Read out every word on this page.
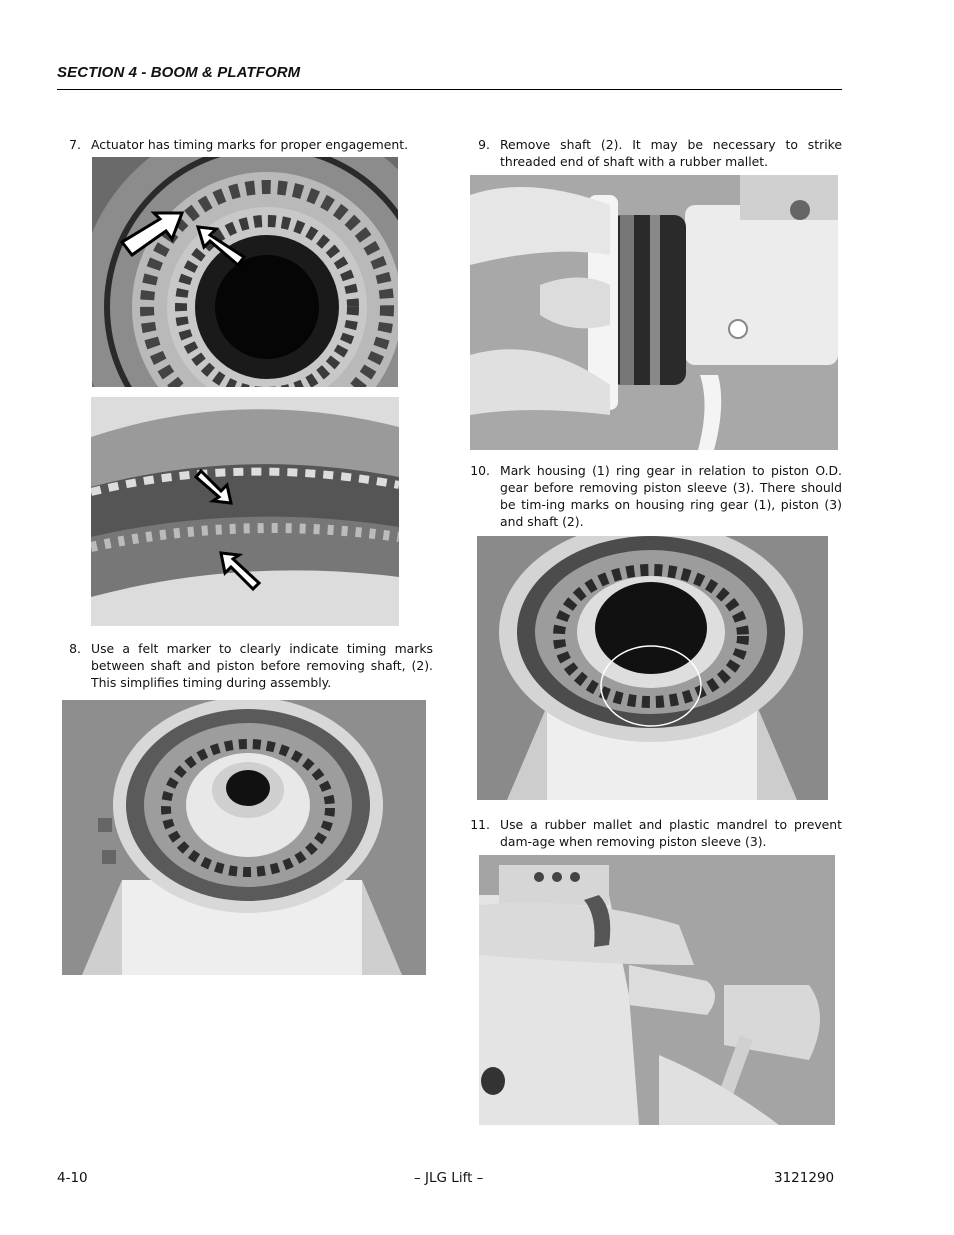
SECTION 4 - BOOM & PLATFORM
7. Actuator has timing marks for proper engagement.
8. Use a felt marker to clearly indicate timing marks between shaft and piston before removing shaft, (2). This simplifies timing during assembly.
9. Remove shaft (2). It may be necessary to strike threaded end of shaft with a rubber mallet.
10. Mark housing (1) ring gear in relation to piston O.D. gear before removing piston sleeve (3). There should be tim-ing marks on housing ring gear (1), piston (3) and shaft (2).
11. Use a rubber mallet and plastic mandrel to prevent dam-age when removing piston sleeve (3).
4-10	– JLG Lift –	3121290
